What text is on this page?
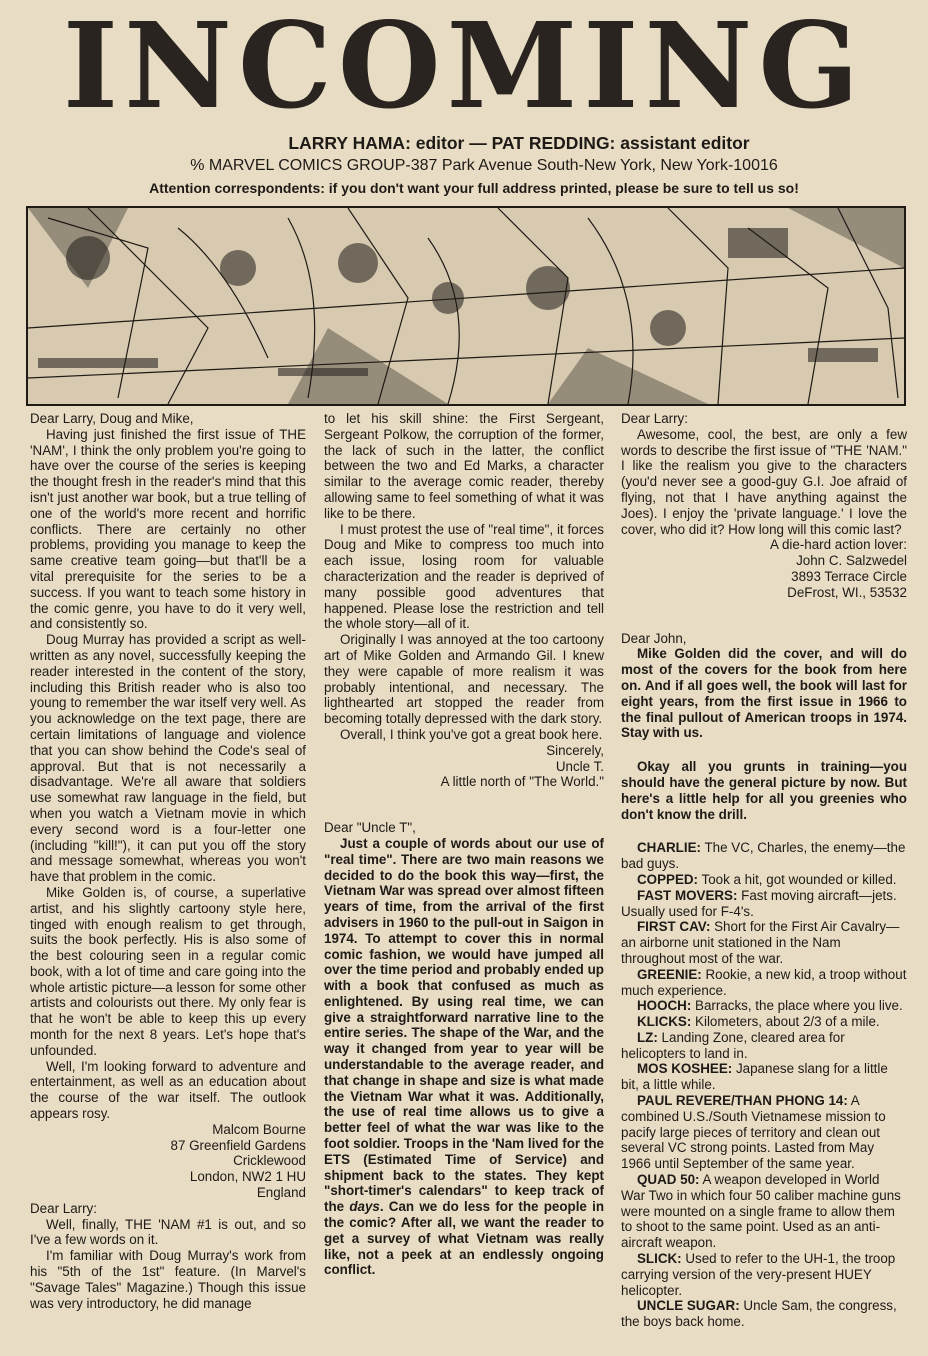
INCOMING
LARRY HAMA: editor — PAT REDDING: assistant editor
% MARVEL COMICS GROUP-387 Park Avenue South-New York, New York-10016
Attention correspondents: if you don't want your full address printed, please be sure to tell us so!

Dear Larry, Doug and Mike,

Having just finished the first issue of THE 'NAM', I think the only problem you're going to have over the course of the series is keeping the thought fresh in the reader's mind that this isn't just another war book, but a true telling of one of the world's more recent and horrific conflicts. There are certainly no other problems, providing you manage to keep the same creative team going—but that'll be a vital prerequisite for the series to be a success. If you want to teach some history in the comic genre, you have to do it very well, and consistently so.

Doug Murray has provided a script as well-written as any novel, successfully keeping the reader interested in the content of the story, including this British reader who is also too young to remember the war itself very well. As you acknowledge on the text page, there are certain limitations of language and violence that you can show behind the Code's seal of approval. But that is not necessarily a disadvantage. We're all aware that soldiers use somewhat raw language in the field, but when you watch a Vietnam movie in which every second word is a four-letter one (including "kill!"), it can put you off the story and message somewhat, whereas you won't have that problem in the comic.

Mike Golden is, of course, a superlative artist, and his slightly cartoony style here, tinged with enough realism to get through, suits the book perfectly. His is also some of the best colouring seen in a regular comic book, with a lot of time and care going into the whole artistic picture—a lesson for some other artists and colourists out there. My only fear is that he won't be able to keep this up every month for the next 8 years. Let's hope that's unfounded.

Well, I'm looking forward to adventure and entertainment, as well as an education about the course of the war itself. The outlook appears rosy.

Malcom Bourne

87 Greenfield Gardens

Cricklewood

London, NW2 1 HU

England

Dear Larry:

Well, finally, THE 'NAM #1 is out, and so I've a few words on it.

I'm familiar with Doug Murray's work from his "5th of the 1st" feature. (In Marvel's "Savage Tales" Magazine.) Though this issue was very introductory, he did manage

to let his skill shine: the First Sergeant, Sergeant Polkow, the corruption of the former, the lack of such in the latter, the conflict between the two and Ed Marks, a character similar to the average comic reader, thereby allowing same to feel something of what it was like to be there.

I must protest the use of "real time", it forces Doug and Mike to compress too much into each issue, losing room for valuable characterization and the reader is deprived of many possible good adventures that happened. Please lose the restriction and tell the whole story—all of it.

Originally I was annoyed at the too cartoony art of Mike Golden and Armando Gil. I knew they were capable of more realism it was probably intentional, and necessary. The lighthearted art stopped the reader from becoming totally depressed with the dark story.

Overall, I think you've got a great book here.

Sincerely,

Uncle T.

A little north of "The World."

Dear "Uncle T",

Just a couple of words about our use of "real time". There are two main reasons we decided to do the book this way—first, the Vietnam War was spread over almost fifteen years of time, from the arrival of the first advisers in 1960 to the pull-out in Saigon in 1974. To attempt to cover this in normal comic fashion, we would have jumped all over the time period and probably ended up with a book that confused as much as enlightened. By using real time, we can give a straightforward narrative line to the entire series. The shape of the War, and the way it changed from year to year will be understandable to the average reader, and that change in shape and size is what made the Vietnam War what it was. Additionally, the use of real time allows us to give a better feel of what the war was like to the foot soldier. Troops in the 'Nam lived for the ETS (Estimated Time of Service) and shipment back to the states. They kept "short-timer's calendars" to keep track of the days. Can we do less for the people in the comic? After all, we want the reader to get a survey of what Vietnam was really like, not a peek at an endlessly ongoing conflict.

Dear Larry:

Awesome, cool, the best, are only a few words to describe the first issue of "THE 'NAM." I like the realism you give to the characters (you'd never see a good-guy G.I. Joe afraid of flying, not that I have anything against the Joes). I enjoy the 'private language.' I love the cover, who did it? How long will this comic last?

A die-hard action lover:

John C. Salzwedel

3893 Terrace Circle

DeFrost, WI., 53532

Dear John,

Mike Golden did the cover, and will do most of the covers for the book from here on. And if all goes well, the book will last for eight years, from the first issue in 1966 to the final pullout of American troops in 1974. Stay with us.

Okay all you grunts in training—you should have the general picture by now. But here's a little help for all you greenies who don't know the drill.

CHARLIE: The VC, Charles, the enemy—the bad guys.

COPPED: Took a hit, got wounded or killed.

FAST MOVERS: Fast moving aircraft—jets. Usually used for F-4's.

FIRST CAV: Short for the First Air Cavalry—an airborne unit stationed in the Nam throughout most of the war.

GREENIE: Rookie, a new kid, a troop without much experience.

HOOCH: Barracks, the place where you live.

KLICKS: Kilometers, about 2/3 of a mile.

LZ: Landing Zone, cleared area for helicopters to land in.

MOS KOSHEE: Japanese slang for a little bit, a little while.

PAUL REVERE/THAN PHONG 14: A combined U.S./South Vietnamese mission to pacify large pieces of territory and clean out several VC strong points. Lasted from May 1966 until September of the same year.

QUAD 50: A weapon developed in World War Two in which four 50 caliber machine guns were mounted on a single frame to allow them to shoot to the same point. Used as an anti-aircraft weapon.

SLICK: Used to refer to the UH-1, the troop carrying version of the very-present HUEY helicopter.

UNCLE SUGAR: Uncle Sam, the congress, the boys back home.
